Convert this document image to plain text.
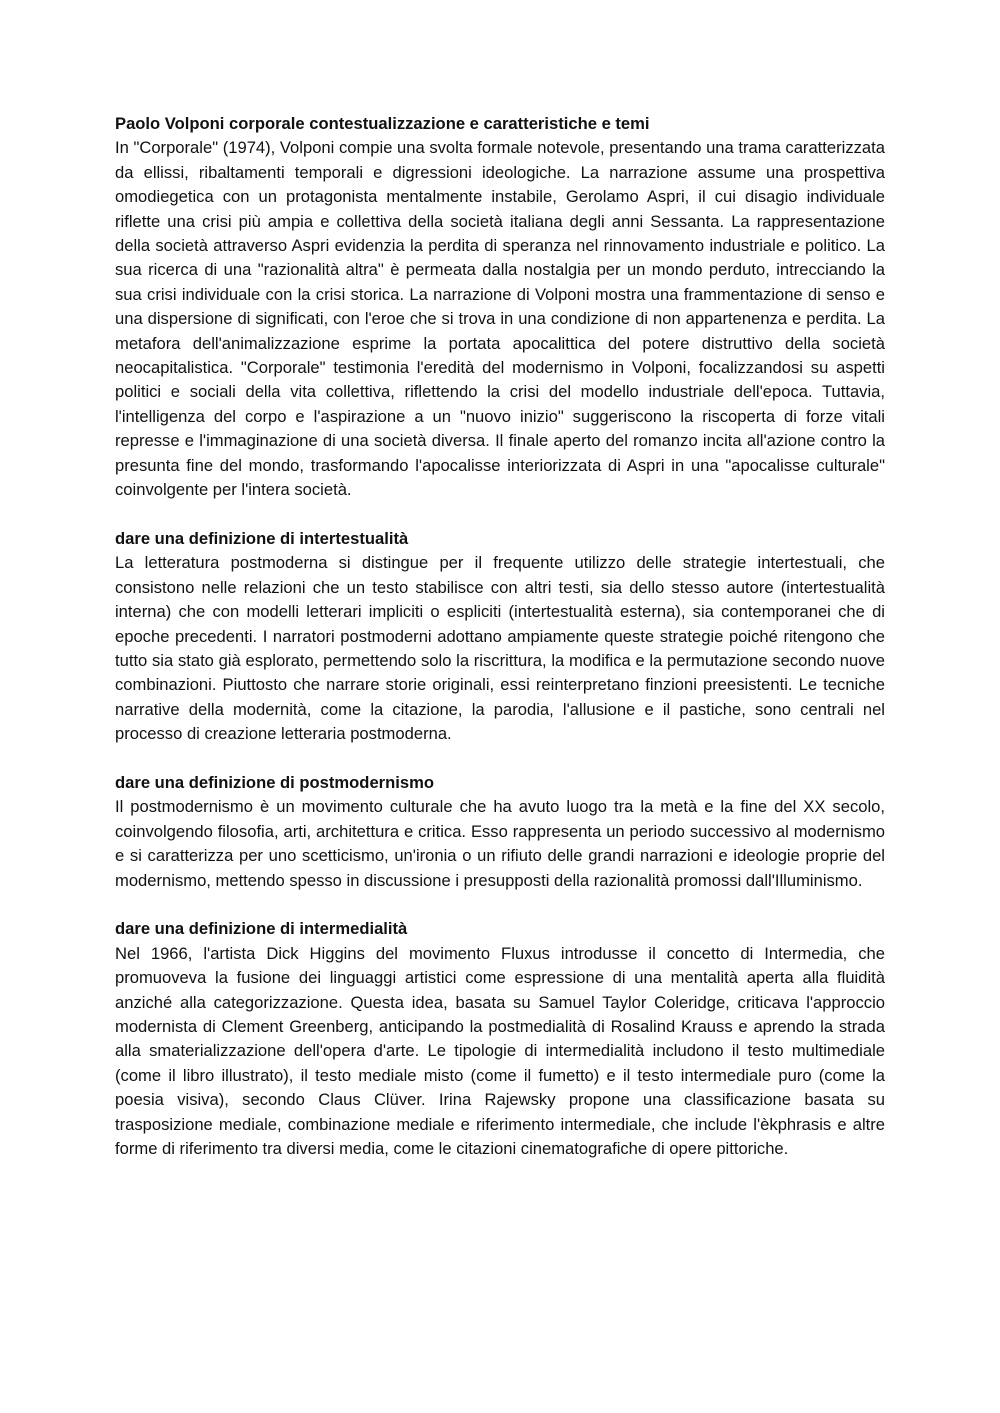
Paolo Volponi corporale contestualizzazione e caratteristiche e temi

In "Corporale" (1974), Volponi compie una svolta formale notevole, presentando una trama caratterizzata da ellissi, ribaltamenti temporali e digressioni ideologiche. La narrazione assume una prospettiva omodiegetica con un protagonista mentalmente instabile, Gerolamo Aspri, il cui disagio individuale riflette una crisi più ampia e collettiva della società italiana degli anni Sessanta. La rappresentazione della società attraverso Aspri evidenzia la perdita di speranza nel rinnovamento industriale e politico. La sua ricerca di una "razionalità altra" è permeata dalla nostalgia per un mondo perduto, intrecciando la sua crisi individuale con la crisi storica. La narrazione di Volponi mostra una frammentazione di senso e una dispersione di significati, con l'eroe che si trova in una condizione di non appartenenza e perdita. La metafora dell'animalizzazione esprime la portata apocalittica del potere distruttivo della società neocapitalistica. "Corporale" testimonia l'eredità del modernismo in Volponi, focalizzandosi su aspetti politici e sociali della vita collettiva, riflettendo la crisi del modello industriale dell'epoca. Tuttavia, l'intelligenza del corpo e l'aspirazione a un "nuovo inizio" suggeriscono la riscoperta di forze vitali represse e l'immaginazione di una società diversa. Il finale aperto del romanzo incita all'azione contro la presunta fine del mondo, trasformando l'apocalisse interiorizzata di Aspri in una "apocalisse culturale" coinvolgente per l'intera società.

dare una definizione di intertestualità

La letteratura postmoderna si distingue per il frequente utilizzo delle strategie intertestuali, che consistono nelle relazioni che un testo stabilisce con altri testi, sia dello stesso autore (intertestualità interna) che con modelli letterari impliciti o espliciti (intertestualità esterna), sia contemporanei che di epoche precedenti. I narratori postmoderni adottano ampiamente queste strategie poiché ritengono che tutto sia stato già esplorato, permettendo solo la riscrittura, la modifica e la permutazione secondo nuove combinazioni. Piuttosto che narrare storie originali, essi reinterpretano finzioni preesistenti. Le tecniche narrative della modernità, come la citazione, la parodia, l'allusione e il pastiche, sono centrali nel processo di creazione letteraria postmoderna.

dare una definizione di postmodernismo

Il postmodernismo è un movimento culturale che ha avuto luogo tra la metà e la fine del XX secolo, coinvolgendo filosofia, arti, architettura e critica. Esso rappresenta un periodo successivo al modernismo e si caratterizza per uno scetticismo, un'ironia o un rifiuto delle grandi narrazioni e ideologie proprie del modernismo, mettendo spesso in discussione i presupposti della razionalità promossi dall'Illuminismo.

dare una definizione di intermedialità

Nel 1966, l'artista Dick Higgins del movimento Fluxus introdusse il concetto di Intermedia, che promuoveva la fusione dei linguaggi artistici come espressione di una mentalità aperta alla fluidità anziché alla categorizzazione. Questa idea, basata su Samuel Taylor Coleridge, criticava l'approccio modernista di Clement Greenberg, anticipando la postmedialità di Rosalind Krauss e aprendo la strada alla smaterializzazione dell'opera d'arte. Le tipologie di intermedialità includono il testo multimediale (come il libro illustrato), il testo mediale misto (come il fumetto) e il testo intermediale puro (come la poesia visiva), secondo Claus Clüver. Irina Rajewsky propone una classificazione basata su trasposizione mediale, combinazione mediale e riferimento intermediale, che include l'èkphrasis e altre forme di riferimento tra diversi media, come le citazioni cinematografiche di opere pittoriche.
